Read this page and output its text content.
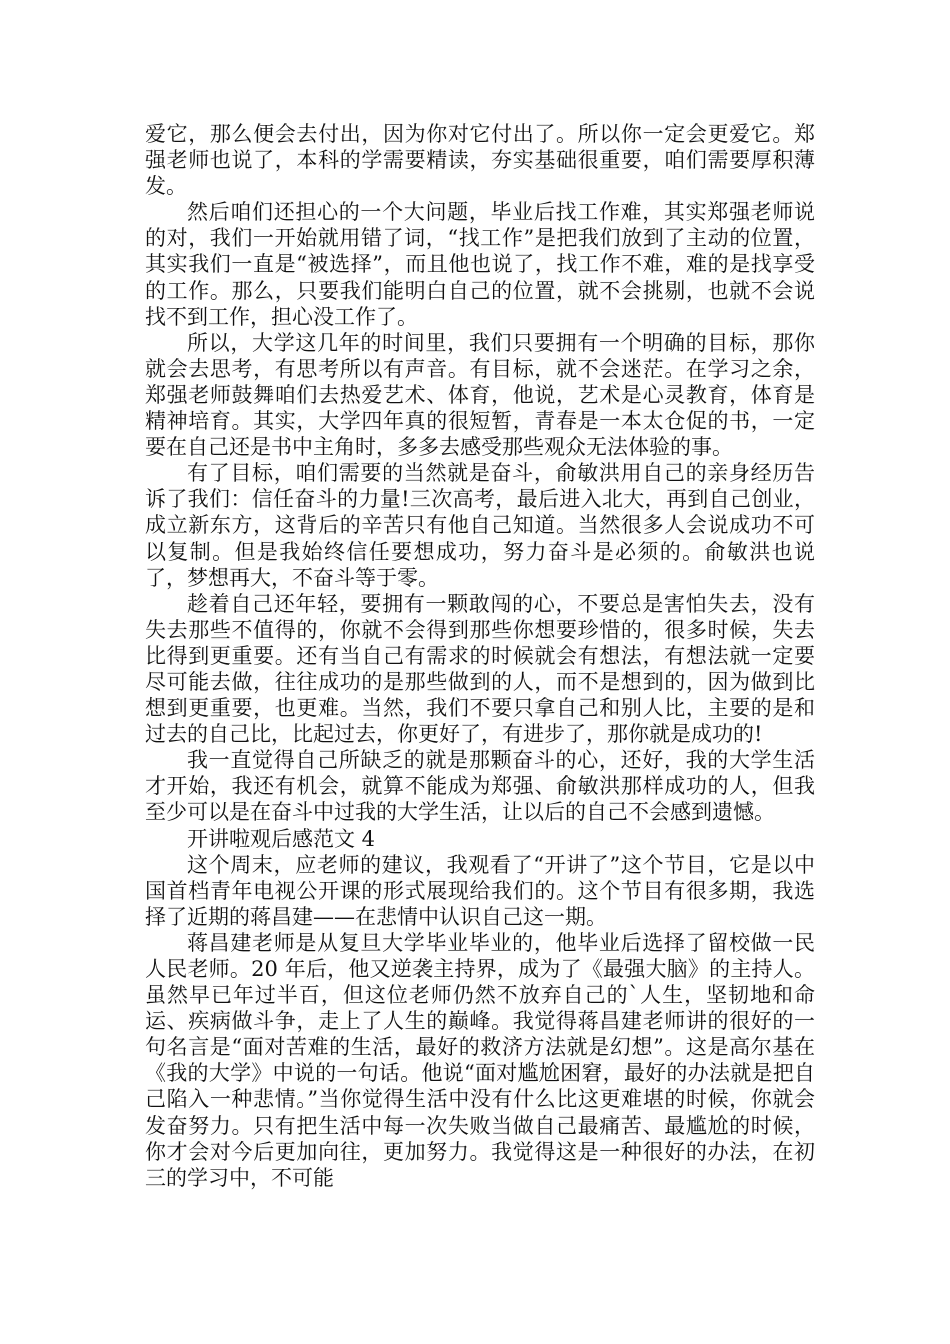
爱它，那么便会去付出，因为你对它付出了。所以你一定会更爱它。郑强老师也说了，本科的学需要精读，夯实基础很重要，咱们需要厚积薄发。

然后咱们还担心的一个大问题，毕业后找工作难，其实郑强老师说的对，我们一开始就用错了词，“找工作”是把我们放到了主动的位置，其实我们一直是“被选择”，而且他也说了，找工作不难，难的是找享受的工作。那么，只要我们能明白自己的位置，就不会挑剔，也就不会说找不到工作，担心没工作了。

所以，大学这几年的时间里，我们只要拥有一个明确的目标，那你就会去思考，有思考所以有声音。有目标，就不会迷茫。在学习之余，郑强老师鼓舞咱们去热爱艺术、体育，他说，艺术是心灵教育，体育是精神培育。其实，大学四年真的很短暂，青春是一本太仓促的书，一定要在自己还是书中主角时，多多去感受那些观众无法体验的事。

有了目标，咱们需要的当然就是奋斗，俞敏洪用自己的亲身经历告诉了我们：信任奋斗的力量!三次高考，最后进入北大，再到自己创业，成立新东方，这背后的辛苦只有他自己知道。当然很多人会说成功不可以复制。但是我始终信任要想成功，努力奋斗是必须的。俞敏洪也说了，梦想再大，不奋斗等于零。

趁着自己还年轻，要拥有一颗敢闯的心，不要总是害怕失去，没有失去那些不值得的，你就不会得到那些你想要珍惜的，很多时候，失去比得到更重要。还有当自己有需求的时候就会有想法，有想法就一定要尽可能去做，往往成功的是那些做到的人，而不是想到的，因为做到比想到更重要，也更难。当然，我们不要只拿自己和别人比，主要的是和过去的自己比，比起过去，你更好了，有进步了，那你就是成功的!

我一直觉得自己所缺乏的就是那颗奋斗的心，还好，我的大学生活才开始，我还有机会，就算不能成为郑强、俞敏洪那样成功的人，但我至少可以是在奋斗中过我的大学生活，让以后的自己不会感到遗憾。

开讲啦观后感范文 4

这个周末，应老师的建议，我观看了“开讲了”这个节目，它是以中国首档青年电视公开课的形式展现给我们的。这个节目有很多期，我选择了近期的蒋昌建——在悲情中认识自己这一期。

蒋昌建老师是从复旦大学毕业毕业的，他毕业后选择了留校做一民人民老师。20 年后，他又逆袭主持界，成为了《最强大脑》的主持人。虽然早已年过半百，但这位老师仍然不放弃自己的`人生，坚韧地和命运、疾病做斗争，走上了人生的巅峰。我觉得蒋昌建老师讲的很好的一句名言是“面对苦难的生活，最好的救济方法就是幻想”。这是高尔基在《我的大学》中说的一句话。他说“面对尴尬困窘，最好的办法就是把自己陷入一种悲情。”当你觉得生活中没有什么比这更难堪的时候，你就会发奋努力。只有把生活中每一次失败当做自己最痛苦、最尴尬的时候，你才会对今后更加向往，更加努力。我觉得这是一种很好的办法，在初三的学习中，不可能
